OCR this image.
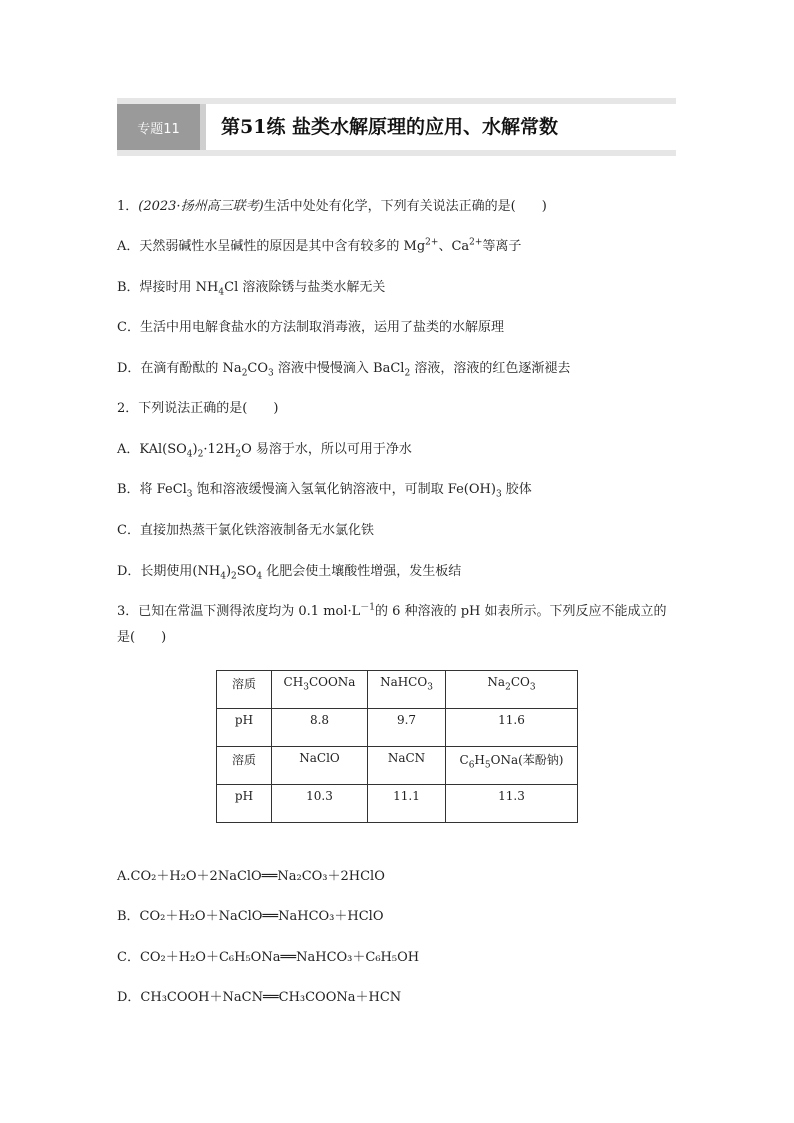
专题11	第51练 盐类水解原理的应用、水解常数
1．(2023·扬州高三联考)生活中处处有化学，下列有关说法正确的是(　　)
A．天然弱碱性水呈碱性的原因是其中含有较多的 $Mg^{2+}$、$Ca^{2+}$等离子
B．焊接时用 $NH_4Cl$ 溶液除锈与盐类水解无关
C．生活中用电解食盐水的方法制取消毒液，运用了盐类的水解原理
D．在滴有酚酞的 $Na_2CO_3$ 溶液中慢慢滴入 BaCl$_2$ 溶液，溶液的红色逐渐褪去
2．下列说法正确的是(　　)
A．$KAl(SO_4)_2\cdot 12H_2O$ 易溶于水，所以可用于净水
B．将 FeCl$_3$ 饱和溶液缓慢滴入氢氧化钠溶液中，可制取 $Fe(OH)_3$ 胶体
C．直接加热蒸干氯化铁溶液制备无水氯化铁
D．长期使用$(NH_4)_2SO_4$ 化肥会使土壤酸性增强，发生板结
3．已知在常温下测得浓度均为 0.1 $mol\cdot L^{-1}$的 6 种溶液的 pH 如表所示。下列反应不能成立的是(　　)
溶质	$CH_3COONa$	NaHCO$_3$	$Na_2CO_3$
pH	8.8	9.7	11.6
溶质	NaClO	NaCN	$C_6H_5ONa$(苯酚钠)
pH	10.3	11.1	11.3
A.CO₂＋H₂O＋2NaClO══Na₂CO₃＋2HClO
B．CO₂＋H₂O＋NaClO══NaHCO₃＋HClO
C．CO₂＋H₂O＋C₆H₅ONa══NaHCO₃＋C₆H₅OH
D．CH₃COOH＋NaCN══CH₃COONa＋HCN
